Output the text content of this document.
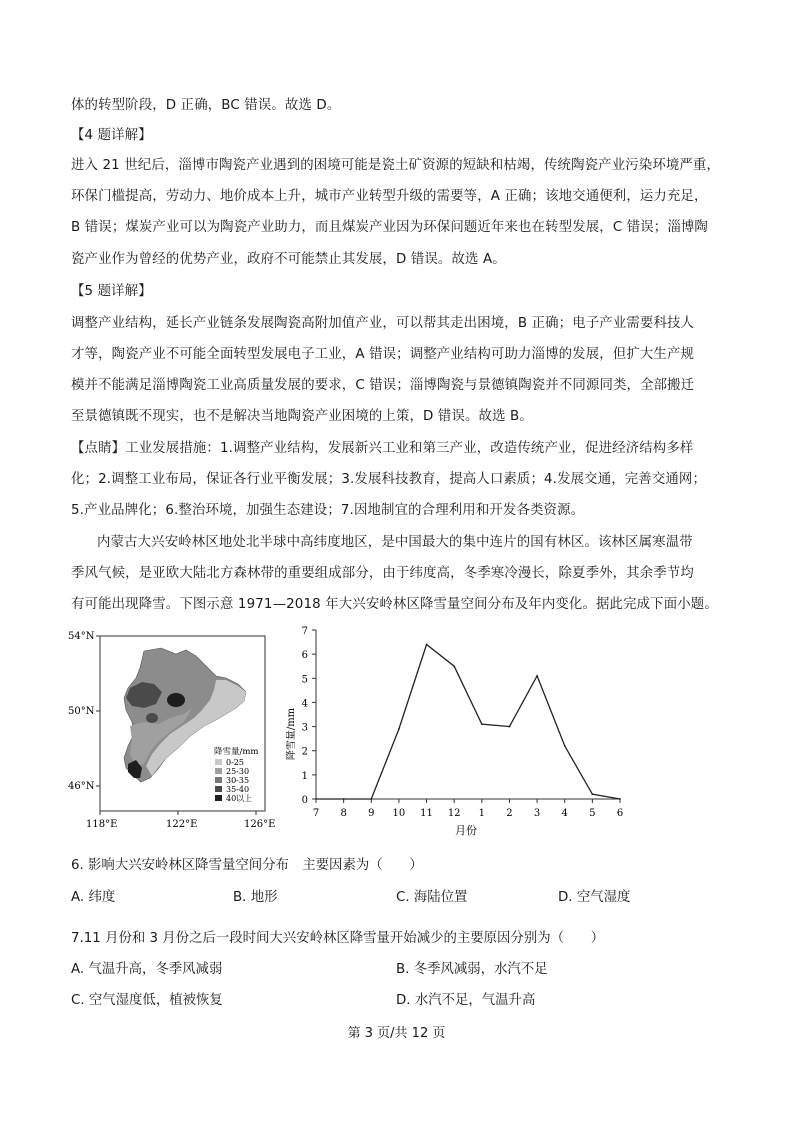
体的转型阶段，D 正确，BC 错误。故选 D。
【4 题详解】
进入 21 世纪后，淄博市陶瓷产业遇到的困境可能是瓷土矿资源的短缺和枯竭，传统陶瓷产业污染环境严重，
环保门槛提高，劳动力、地价成本上升，城市产业转型升级的需要等，A 正确；该地交通便利，运力充足，
B 错误；煤炭产业可以为陶瓷产业助力，而且煤炭产业因为环保问题近年来也在转型发展，C 错误；淄博陶
瓷产业作为曾经的优势产业，政府不可能禁止其发展，D 错误。故选 A。
【5 题详解】
调整产业结构，延长产业链条发展陶瓷高附加值产业，可以帮其走出困境，B 正确；电子产业需要科技人
才等，陶瓷产业不可能全面转型发展电子工业，A 错误；调整产业结构可助力淄博的发展，但扩大生产规
模并不能满足淄博陶瓷工业高质量发展的要求，C 错误；淄博陶瓷与景德镇陶瓷并不同源同类，全部搬迁
至景德镇既不现实，也不是解决当地陶瓷产业困境的上策，D 错误。故选 B。
【点睛】工业发展措施：1.调整产业结构，发展新兴工业和第三产业，改造传统产业，促进经济结构多样
化；2.调整工业布局，保证各行业平衡发展；3.发展科技教育，提高人口素质；4.发展交通，完善交通网；
5.产业品牌化；6.整治环境，加强生态建设；7.因地制宜的合理利用和开发各类资源。
内蒙古大兴安岭林区地处北半球中高纬度地区，是中国最大的集中连片的国有林区。该林区属寒温带
季风气候，是亚欧大陆北方森林带的重要组成部分，由于纬度高，冬季寒冷漫长，除夏季外，其余季节均
有可能出现降雪。下图示意 1971—2018 年大兴安岭林区降雪量空间分布及年内变化。据此完成下面小题。
54°N
50°N
46°N
118°E	122°E	126°E
降雪量/mm
0-25
25-30
30-35
35-40
40以上	0
1
2
3
4
5
6
7
7 8 9 10 11 12 1 2 3 4 5 6
降雪量/mm
月份
6. 影响大兴安岭林区降雪量空间分布　主要因素为（　　）
A. 纬度	B. 地形	C. 海陆位置	D. 空气湿度
7.11 月份和 3 月份之后一段时间大兴安岭林区降雪量开始减少的主要原因分别为（　　）
A. 气温升高，冬季风减弱	B. 冬季风减弱，水汽不足
C. 空气湿度低，植被恢复	D. 水汽不足，气温升高
第 3 页/共 12 页
